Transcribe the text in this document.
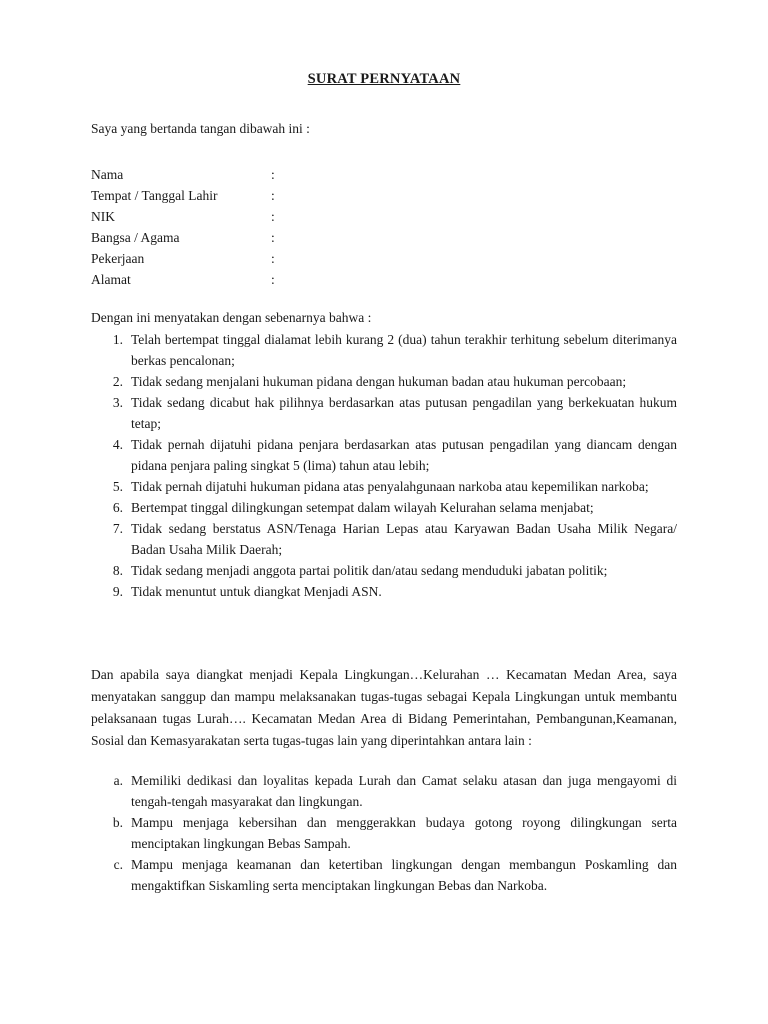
SURAT PERNYATAAN
Saya yang bertanda tangan dibawah ini :
Nama	:
Tempat / Tanggal Lahir	:
NIK	:
Bangsa / Agama	:
Pekerjaan	:
Alamat	:
Dengan ini menyatakan dengan sebenarnya bahwa :
1. Telah bertempat tinggal dialamat lebih kurang 2 (dua) tahun terakhir terhitung sebelum diterimanya berkas pencalonan;
2. Tidak sedang menjalani hukuman pidana dengan hukuman badan atau hukuman percobaan;
3. Tidak sedang dicabut hak pilihnya berdasarkan atas putusan pengadilan yang berkekuatan hukum tetap;
4. Tidak pernah dijatuhi pidana penjara berdasarkan atas putusan pengadilan yang diancam dengan pidana penjara paling singkat 5 (lima) tahun atau lebih;
5. Tidak pernah dijatuhi hukuman pidana atas penyalahgunaan narkoba atau kepemilikan narkoba;
6. Bertempat tinggal dilingkungan setempat dalam wilayah Kelurahan selama menjabat;
7. Tidak sedang berstatus ASN/Tenaga Harian Lepas atau Karyawan Badan Usaha Milik Negara/ Badan Usaha Milik Daerah;
8. Tidak sedang menjadi anggota partai politik dan/atau sedang menduduki jabatan politik;
9. Tidak menuntut untuk diangkat Menjadi ASN.
Dan apabila saya diangkat menjadi Kepala Lingkungan…Kelurahan … Kecamatan Medan Area, saya menyatakan sanggup dan mampu melaksanakan tugas-tugas sebagai Kepala Lingkungan untuk membantu pelaksanaan tugas Lurah…. Kecamatan Medan Area di Bidang Pemerintahan, Pembangunan,Keamanan, Sosial dan Kemasyarakatan serta tugas-tugas lain yang diperintahkan antara lain :
a. Memiliki dedikasi dan loyalitas kepada Lurah dan Camat selaku atasan dan juga mengayomi di tengah-tengah masyarakat dan lingkungan.
b. Mampu menjaga kebersihan dan menggerakkan budaya gotong royong dilingkungan serta menciptakan lingkungan Bebas Sampah.
c. Mampu menjaga keamanan dan ketertiban lingkungan dengan membangun Poskamling dan mengaktifkan Siskamling serta menciptakan lingkungan Bebas dan Narkoba.
